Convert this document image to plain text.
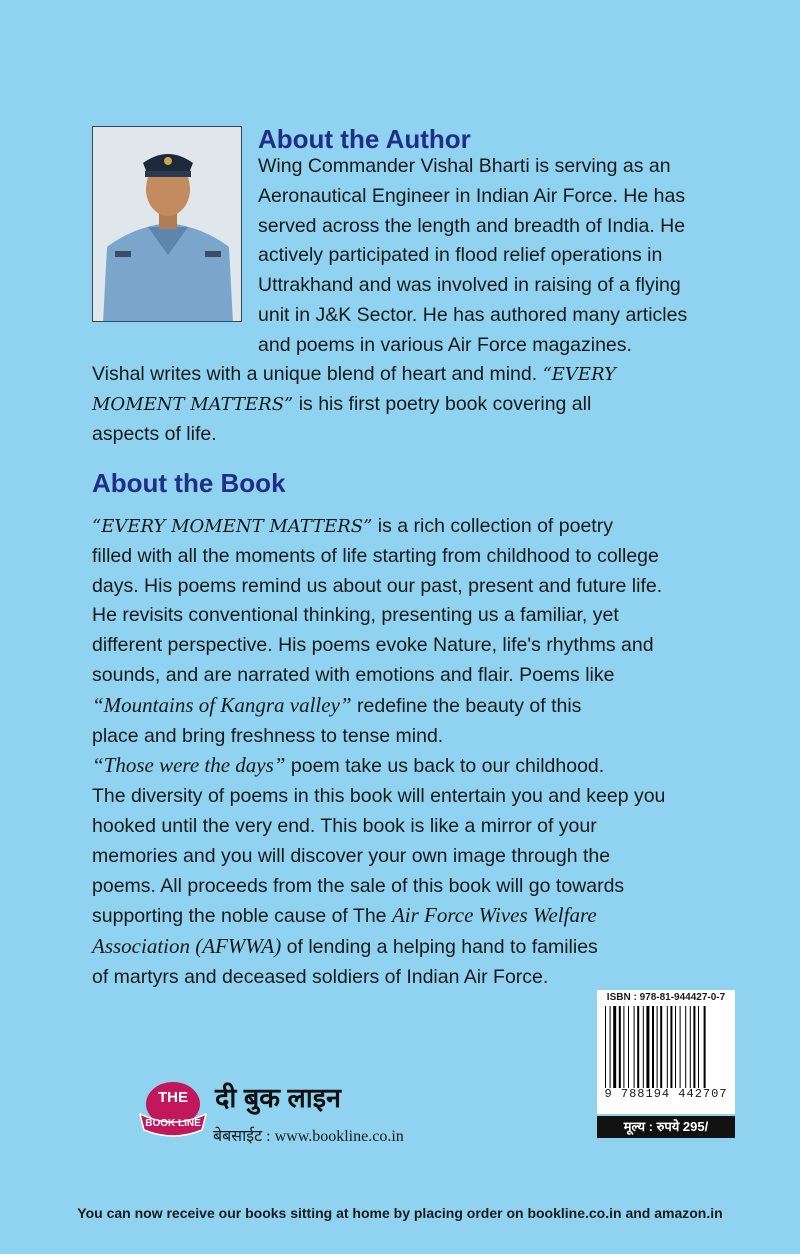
About the Author
Wing Commander Vishal Bharti is serving as an
Aeronautical Engineer in Indian Air Force. He has
served across the length and breadth of India. He
actively participated in flood relief operations in
Uttrakhand and was involved in raising of a flying
unit in J&K Sector. He has authored many articles
and poems in various Air Force magazines.
Vishal writes with a unique blend of heart and mind. “EVERY
MOMENT MATTERS” is his first poetry book covering all
aspects of life.
About the Book
“EVERY MOMENT MATTERS” is a rich collection of poetry
filled with all the moments of life starting from childhood to college
days. His poems remind us about our past, present and future life.
He revisits conventional thinking, presenting us a familiar, yet
different perspective. His poems evoke Nature, life's rhythms and
sounds, and are narrated with emotions and flair. Poems like
“Mountains of Kangra valley” redefine the beauty of this
place and bring freshness to tense mind.
“Those were the days” poem take us back to our childhood.
The diversity of poems in this book will entertain you and keep you
hooked until the very end. This book is like a mirror of your
memories and you will discover your own image through the
poems. All proceeds from the sale of this book will go towards
supporting the noble cause of The Air Force Wives Welfare
Association (AFWWA) of lending a helping hand to families
of martyrs and deceased soldiers of Indian Air Force.
ISBN : 978-81-944427-0-7
9 788194 442707
मूल्य : रुपये 295/
THE
BOOK LINE
दी बुक लाइन
बेबसाईट : www.bookline.co.in
You can now receive our books sitting at home by placing order on bookline.co.in and amazon.in
